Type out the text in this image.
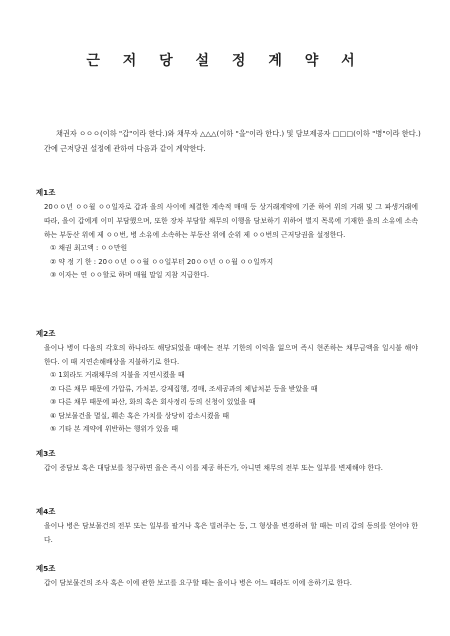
근 저 당 설 정 계 약 서

채권자 ㅇㅇㅇ(이하 "갑"이라 한다.)와 채무자 △△△(이하 "을"이라 한다.) 및 담보제공자 □□□(이하 "병"이라 한다.) 간에 근저당권 설정에 관하여 다음과 같이 계약한다.

제1조
20ㅇㅇ년 ㅇㅇ월 ㅇㅇ일자로 갑과 을의 사이에 체결한 계속적 매매 등 상거래계약에 기준 하여 위의 거래 및 그 파생거래에 따라, 을이 갑에게 이미 부담했으며, 또한 장차 부담할 채무의 이행을 담보하기 위하여 별지 목록에 기재한 을의 소유에 소속하는 부동산 위에 제 ㅇㅇ번, 병 소유에 소속하는 부동산 위에 순위 제 ㅇㅇ번의 근저당권을 설정한다.
① 채권 최고액 : ㅇㅇ만원
② 약 정 기 한 : 20ㅇㅇ년 ㅇㅇ월 ㅇㅇ일부터 20ㅇㅇ년 ㅇㅇ월 ㅇㅇ일까지
③ 이자는 연 ㅇㅇ할로 하며 매월 말일 지참 지급한다.
제2조
을이나 병이 다음의 각호의 하나라도 해당되었을 때에는 전부 기한의 이익을 잃으며 즉시 현존하는 채무금액을 일시불 해야 한다. 이 때 지연손해배상을 지불하기로 한다.
① 1회라도 거래채무의 지불을 지연시켰을 때
② 다른 채무 때문에 가압류, 가처분, 강제집행, 경매, 조세공과의 체납처분 등을 받았을 때
③ 다른 채무 때문에 파산, 화의 혹은 회사정리 등의 신청이 있었을 때
④ 담보물건을 멸실, 훼손 혹은 가치를 상당히 감소시켰을 때
⑤ 기타 본 계약에 위반하는 행위가 있을 때
제3조
갑이 증담보 혹은 대담보를 청구하면 을은 즉시 이를 제공 하든가, 아니면 채무의 전부 또는 일부를 변제해야 한다.
제4조
을이나 병은 담보물건의 전부 또는 일부를 팔거나 혹은 빌려주는 등, 그 형상을 변경하려 할 때는 미리 갑의 동의를 얻어야 한다.
제5조
갑이 담보물건의 조사 혹은 이에 관한 보고를 요구할 때는 을이나 병은 어느 때라도 이에 응하기로 한다.
